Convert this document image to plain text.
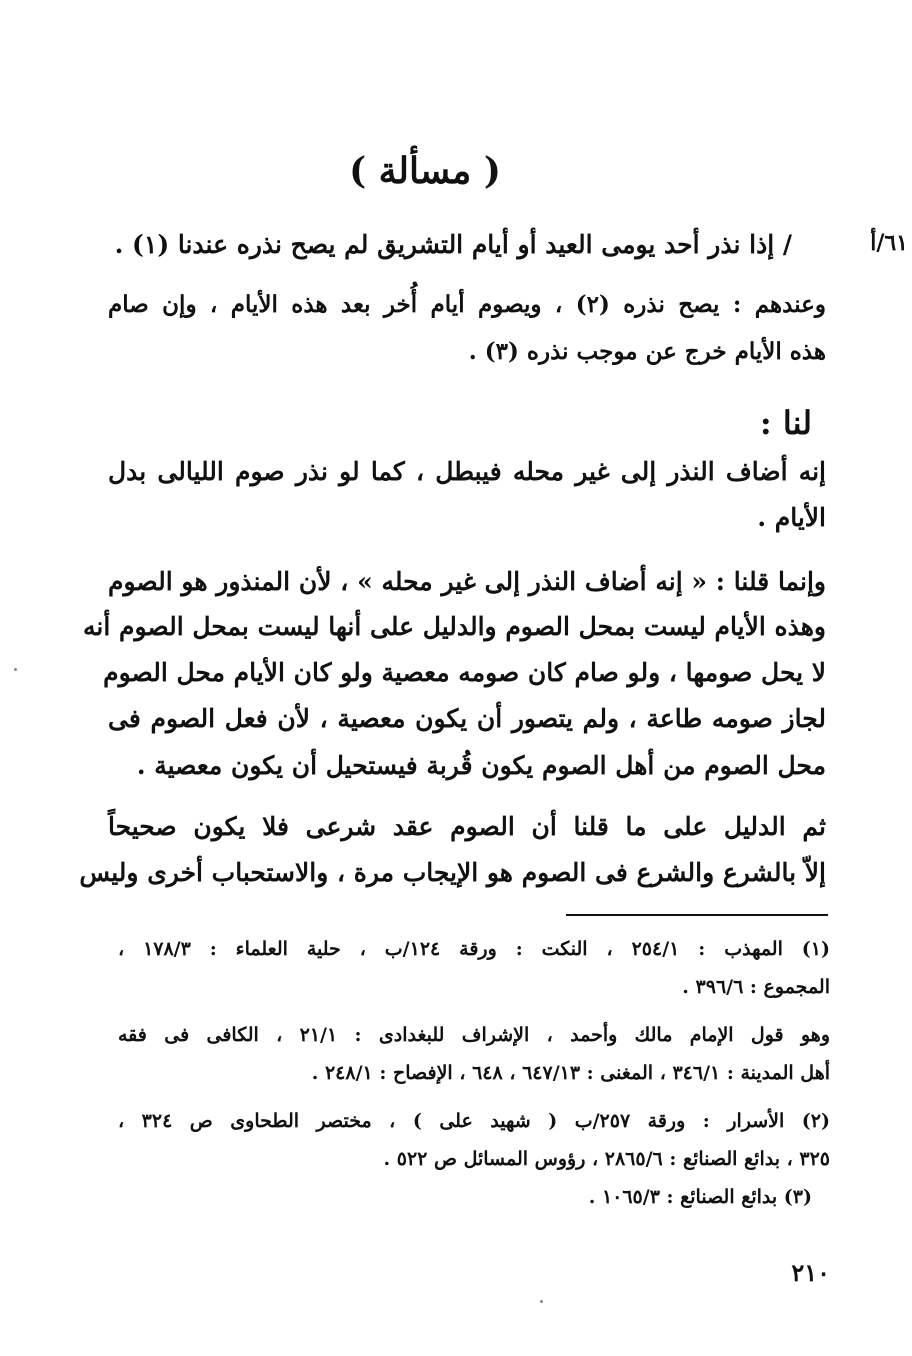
( مسألة )
٦١/أ
/ إذا نذر أحد يومى العيد أو أيام التشريق لم يصح نذره عندنا (١) .
وعندهم : يصح نذره (٢) ، ويصوم أيام أُخر بعد هذه الأيام ، وإن صام
هذه الأيام خرج عن موجب نذره (٣) .
لنا :
إنه أضاف النذر إلى غير محله فيبطل ، كما لو نذر صوم الليالى بدل
الأيام .
وإنما قلنا : « إنه أضاف النذر إلى غير محله » ، لأن المنذور هو الصوم
وهذه الأيام ليست بمحل الصوم والدليل على أنها ليست بمحل الصوم أنه
لا يحل صومها ، ولو صام كان صومه معصية ولو كان الأيام محل الصوم
لجاز صومه طاعة ، ولم يتصور أن يكون معصية ، لأن فعل الصوم فى
محل الصوم من أهل الصوم يكون قُربة فيستحيل أن يكون معصية .
ثم الدليل على ما قلنا أن الصوم عقد شرعى فلا يكون صحيحاً
إلاّ بالشرع والشرع فى الصوم هو الإيجاب مرة ، والاستحباب أخرى وليس
(١) المهذب : ٢٥٤/١ ، النكت : ورقة ١٢٤/ب ، حلية العلماء : ١٧٨/٣ ،
المجموع : ٣٩٦/٦ .
وهو قول الإمام مالك وأحمد ، الإشراف للبغدادى : ٢١/١ ، الكافى فى فقه
أهل المدينة : ٣٤٦/١ ، المغنى : ٦٤٧/١٣ ، ٦٤٨ ، الإفصاح : ٢٤٨/١ .
(٢) الأسرار : ورقة ٢٥٧/ب ( شهيد على ) ، مختصر الطحاوى ص ٣٢٤ ،
٣٢٥ ، بدائع الصنائع : ٢٨٦٥/٦ ، رؤوس المسائل ص ٥٢٢ .
(٣) بدائع الصنائع : ١٠٦٥/٣ .
٢١٠
